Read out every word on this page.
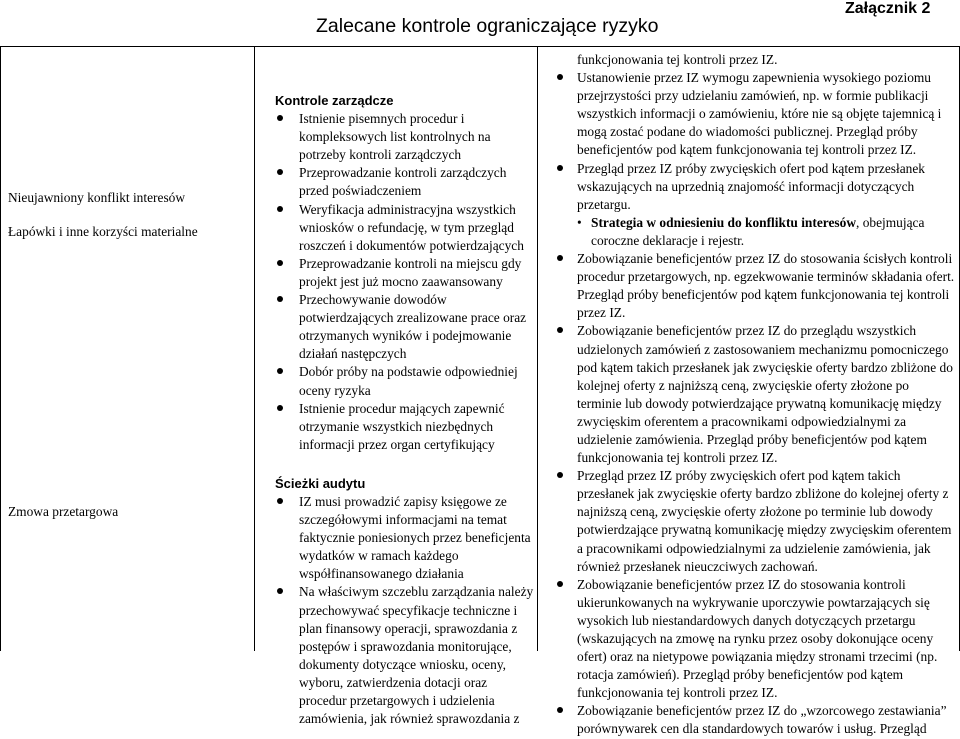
Zalecane kontrole ograniczające ryzyko
Załącznik 2
Nieujawniony konflikt interesów
Łapówki i inne korzyści materialne
Zmowa przetargowa
Kontrole zarządcze
Istnienie pisemnych procedur i kompleksowych list kontrolnych na potrzeby kontroli zarządczych
Przeprowadzanie kontroli zarządczych przed poświadczeniem
Weryfikacja administracyjna wszystkich wniosków o refundację, w tym przegląd roszczeń i dokumentów potwierdzających
Przeprowadzanie kontroli na miejscu gdy projekt jest już mocno zaawansowany
Przechowywanie dowodów potwierdzających zrealizowane prace oraz otrzymanych wyników i podejmowanie działań następczych
Dobór próby na podstawie odpowiedniej oceny ryzyka
Istnienie procedur mających zapewnić otrzymanie wszystkich niezbędnych informacji przez organ certyfikujący
Ścieżki audytu
IZ musi prowadzić zapisy księgowe ze szczegółowymi informacjami na temat faktycznie poniesionych przez beneficjenta wydatków w ramach każdego współfinansowanego działania
Na właściwym szczeblu zarządzania należy przechowywać specyfikacje techniczne i plan finansowy operacji, sprawozdania z postępów i sprawozdania monitorujące, dokumenty dotyczące wniosku, oceny, wyboru, zatwierdzenia dotacji oraz procedur przetargowych i udzielenia zamówienia, jak również sprawozdania z
funkcjonowania tej kontroli przez IZ.
Ustanowienie przez IZ wymogu zapewnienia wysokiego poziomu przejrzystości przy udzielaniu zamówień, np. w formie publikacji wszystkich informacji o zamówieniu, które nie są objęte tajemnicą i mogą zostać podane do wiadomości publicznej. Przegląd próby beneficjentów pod kątem funkcjonowania tej kontroli przez IZ.
Przegląd przez IZ próby zwycięskich ofert pod kątem przesłanek wskazujących na uprzednią znajomość informacji dotyczących przetargu.
• Strategia w odniesieniu do konfliktu interesów, obejmująca coroczne deklaracje i rejestr.
Zobowiązanie beneficjentów przez IZ do stosowania ścisłych kontroli procedur przetargowych, np. egzekwowanie terminów składania ofert. Przegląd próby beneficjentów pod kątem funkcjonowania tej kontroli przez IZ.
Zobowiązanie beneficjentów przez IZ do przeglądu wszystkich udzielonych zamówień z zastosowaniem mechanizmu pomocniczego pod kątem takich przesłanek jak zwycięskie oferty bardzo zbliżone do kolejnej oferty z najniższą ceną, zwycięskie oferty złożone po terminie lub dowody potwierdzające prywatną komunikację między zwycięskim oferentem a pracownikami odpowiedzialnymi za udzielenie zamówienia. Przegląd próby beneficjentów pod kątem funkcjonowania tej kontroli przez IZ.
Przegląd przez IZ próby zwycięskich ofert pod kątem takich przesłanek jak zwycięskie oferty bardzo zbliżone do kolejnej oferty z najniższą ceną, zwycięskie oferty złożone po terminie lub dowody potwierdzające prywatną komunikację między zwycięskim oferentem a pracownikami odpowiedzialnymi za udzielenie zamówienia, jak również przesłanek nieuczciwych zachowań.
Zobowiązanie beneficjentów przez IZ do stosowania kontroli ukierunkowanych na wykrywanie uporczywie powtarzających się wysokich lub niestandardowych danych dotyczących przetargu (wskazujących na zmowę na rynku przez osoby dokonujące oceny ofert) oraz na nietypowe powiązania między stronami trzecimi (np. rotacja zamówień). Przegląd próby beneficjentów pod kątem funkcjonowania tej kontroli przez IZ.
Zobowiązanie beneficjentów przez IZ do „wzorcowego zestawiania” porównywarek cen dla standardowych towarów i usług. Przegląd
